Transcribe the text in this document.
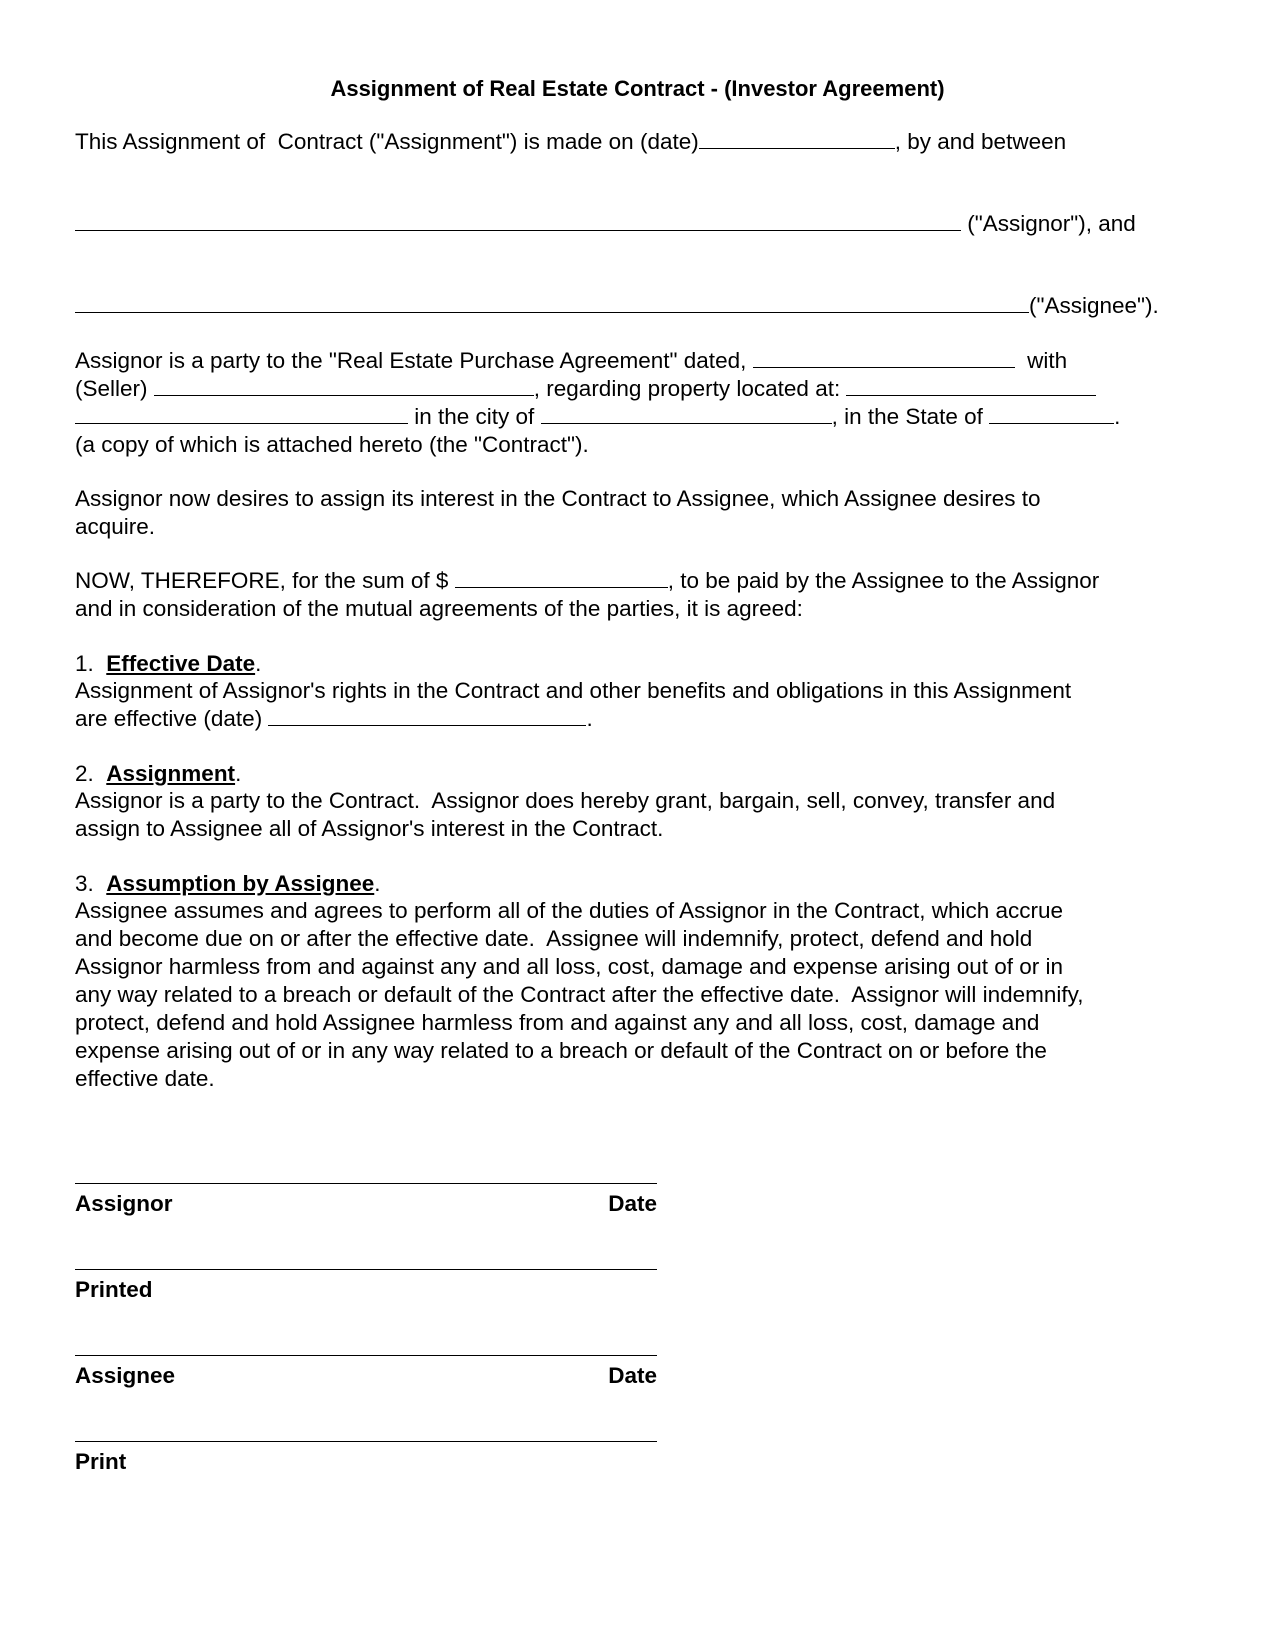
Assignment of Real Estate Contract - (Investor Agreement)
This Assignment of  Contract ("Assignment") is made on (date)	, by and between
("Assignor"), and
("Assignee").
Assignor is a party to the "Real Estate Purchase Agreement" dated,	with
(Seller)	, regarding property located at:
in the city of	, in the State of	.
(a copy of which is attached hereto (the "Contract").
Assignor now desires to assign its interest in the Contract to Assignee, which Assignee desires to
acquire.
NOW, THEREFORE, for the sum of $	, to be paid by the Assignee to the Assignor
and in consideration of the mutual agreements of the parties, it is agreed:
1. Effective Date.
Assignment of Assignor's rights in the Contract and other benefits and obligations in this Assignment
are effective (date)	.
2. Assignment.
Assignor is a party to the Contract.  Assignor does hereby grant, bargain, sell, convey, transfer and
assign to Assignee all of Assignor's interest in the Contract.
3. Assumption by Assignee.
Assignee assumes and agrees to perform all of the duties of Assignor in the Contract, which accrue
and become due on or after the effective date.  Assignee will indemnify, protect, defend and hold
Assignor harmless from and against any and all loss, cost, damage and expense arising out of or in
any way related to a breach or default of the Contract after the effective date.  Assignor will indemnify,
protect, defend and hold Assignee harmless from and against any and all loss, cost, damage and
expense arising out of or in any way related to a breach or default of the Contract on or before the
effective date.
Assignor	Date
Printed
Assignee	Date
Print
